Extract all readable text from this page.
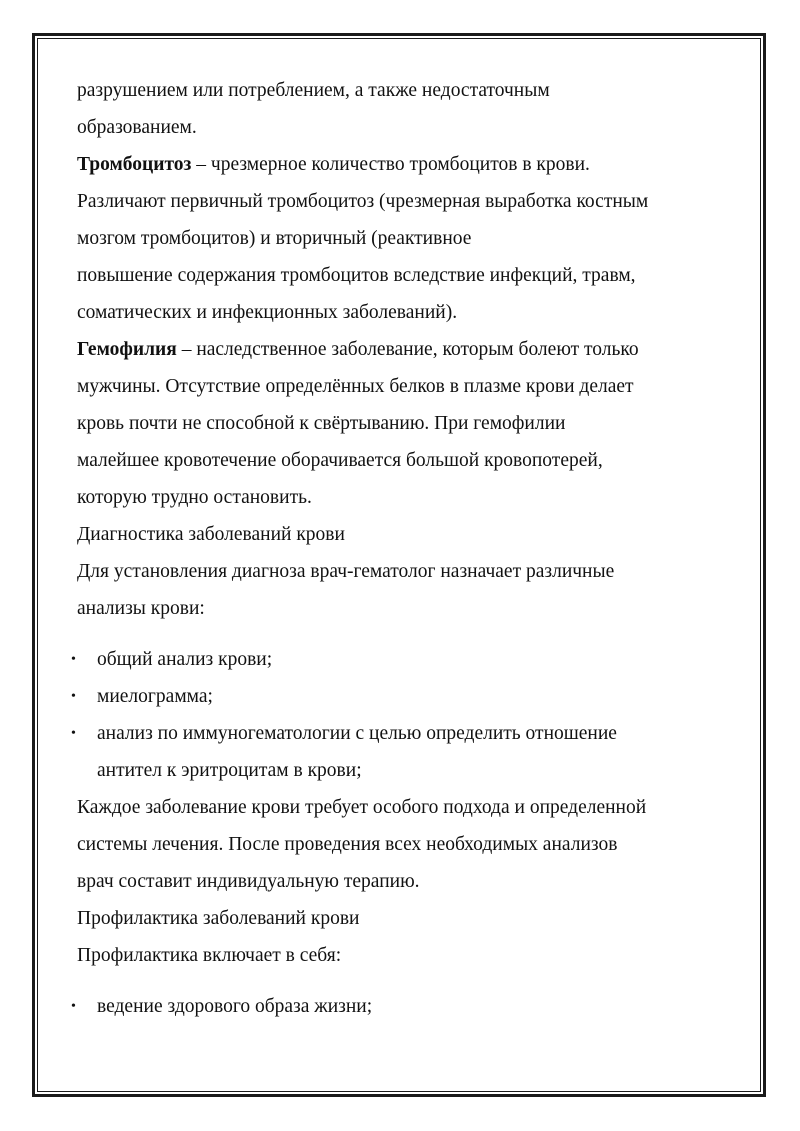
разрушением или потреблением, а также недостаточным
образованием.
Тромбоцитоз – чрезмерное количество тромбоцитов в крови.
Различают первичный тромбоцитоз (чрезмерная выработка костным
мозгом тромбоцитов) и вторичный (реактивное
повышение содержания тромбоцитов вследствие инфекций, травм,
соматических и инфекционных заболеваний).
Гемофилия – наследственное заболевание, которым болеют только
мужчины. Отсутствие определённых белков в плазме крови делает
кровь почти не способной к свёртыванию. При гемофилии
малейшее кровотечение оборачивается большой кровопотерей,
которую трудно остановить.
Диагностика заболеваний крови
Для установления диагноза врач-гематолог назначает различные
анализы крови:
• общий анализ крови;
• миелограмма;
• анализ по иммуногематологии с целью определить отношение
антител к эритроцитам в крови;
Каждое заболевание крови требует особого подхода и определенной
системы лечения. После проведения всех необходимых анализов
врач составит индивидуальную терапию.
Профилактика заболеваний крови
Профилактика включает в себя:
• ведение здорового образа жизни;
